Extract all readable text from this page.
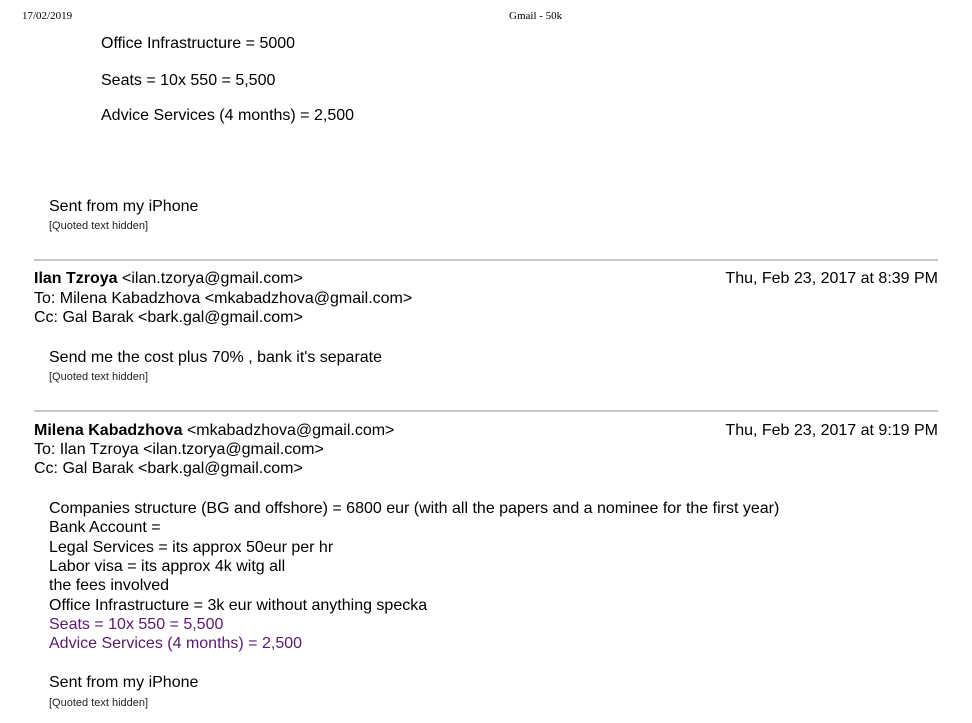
17/02/2019	Gmail - 50k
Office Infrastructure = 5000
Seats = 10x 550 = 5,500
Advice Services (4 months) = 2,500
Sent from my iPhone
[Quoted text hidden]
Ilan Tzroya <ilan.tzorya@gmail.com>	Thu, Feb 23, 2017 at 8:39 PM
To: Milena Kabadzhova <mkabadzhova@gmail.com>
Cc: Gal Barak <bark.gal@gmail.com>
Send me the cost plus 70% , bank it's separate
[Quoted text hidden]
Milena Kabadzhova <mkabadzhova@gmail.com>	Thu, Feb 23, 2017 at 9:19 PM
To: Ilan Tzroya <ilan.tzorya@gmail.com>
Cc: Gal Barak <bark.gal@gmail.com>
Companies structure (BG and offshore) = 6800 eur (with all the papers and a nominee for the first year)
Bank Account =
Legal Services = its approx 50eur per hr
Labor visa = its approx 4k witg all
the fees involved
Office Infrastructure = 3k eur without anything specka
Seats = 10x 550 = 5,500
Advice Services (4 months) = 2,500
Sent from my iPhone
[Quoted text hidden]
